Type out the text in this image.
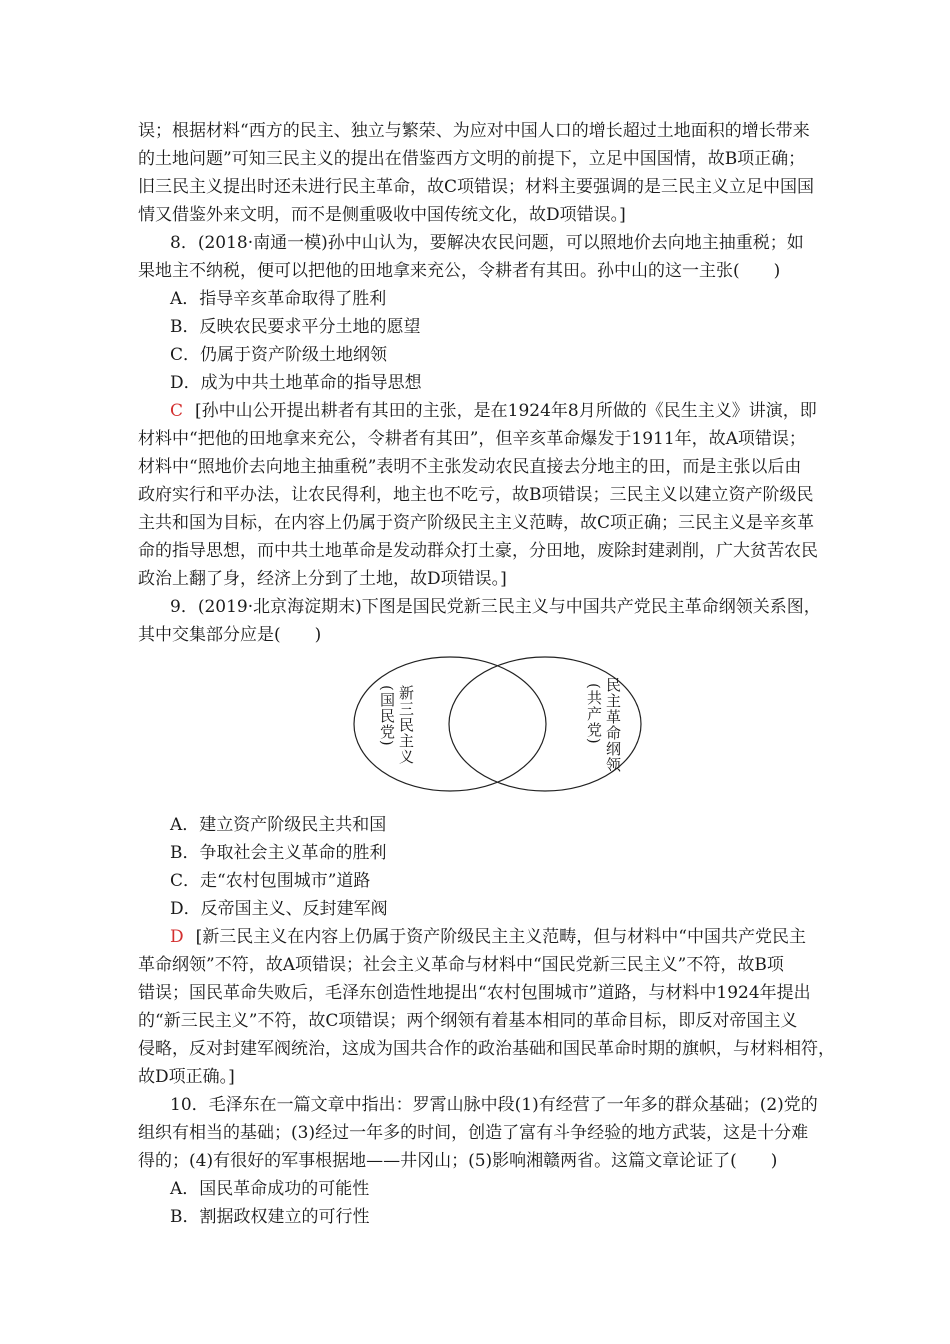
误；根据材料“西方的民主、独立与繁荣、为应对中国人口的增长超过土地面积的增长带来
的土地问题”可知三民主义的提出在借鉴西方文明的前提下，立足中国国情，故B项正确；
旧三民主义提出时还未进行民主革命，故C项错误；材料主要强调的是三民主义立足中国国
情又借鉴外来文明，而不是侧重吸收中国传统文化，故D项错误。]
8．(2018·南通一模)孙中山认为，要解决农民问题，可以照地价去向地主抽重税；如
果地主不纳税，便可以把他的田地拿来充公，令耕者有其田。孙中山的这一主张(　　)
A．指导辛亥革命取得了胜利
B．反映农民要求平分土地的愿望
C．仍属于资产阶级土地纲领
D．成为中共土地革命的指导思想
C [孙中山公开提出耕者有其田的主张，是在1924年8月所做的《民生主义》讲演，即
材料中“把他的田地拿来充公，令耕者有其田”，但辛亥革命爆发于1911年，故A项错误；
材料中“照地价去向地主抽重税”表明不主张发动农民直接去分地主的田，而是主张以后由
政府实行和平办法，让农民得利，地主也不吃亏，故B项错误；三民主义以建立资产阶级民
主共和国为目标，在内容上仍属于资产阶级民主主义范畴，故C项正确；三民主义是辛亥革
命的指导思想，而中共土地革命是发动群众打土豪，分田地，废除封建剥削，广大贫苦农民
政治上翻了身，经济上分到了土地，故D项错误。]
9．(2019·北京海淀期末)下图是国民党新三民主义与中国共产党民主革命纲领关系图，
其中交集部分应是(　　)
新三民主义
(国民党)	民主革命纲领
(共产党)
A．建立资产阶级民主共和国
B．争取社会主义革命的胜利
C．走“农村包围城市”道路
D．反帝国主义、反封建军阀
D [新三民主义在内容上仍属于资产阶级民主主义范畴，但与材料中“中国共产党民主
革命纲领”不符，故A项错误；社会主义革命与材料中“国民党新三民主义”不符，故B项
错误；国民革命失败后，毛泽东创造性地提出“农村包围城市”道路，与材料中1924年提出
的“新三民主义”不符，故C项错误；两个纲领有着基本相同的革命目标，即反对帝国主义
侵略，反对封建军阀统治，这成为国共合作的政治基础和国民革命时期的旗帜，与材料相符，
故D项正确。]
10．毛泽东在一篇文章中指出：罗霄山脉中段(1)有经营了一年多的群众基础；(2)党的
组织有相当的基础；(3)经过一年多的时间，创造了富有斗争经验的地方武装，这是十分难
得的；(4)有很好的军事根据地——井冈山；(5)影响湘赣两省。这篇文章论证了(　　)
A．国民革命成功的可能性
B．割据政权建立的可行性
